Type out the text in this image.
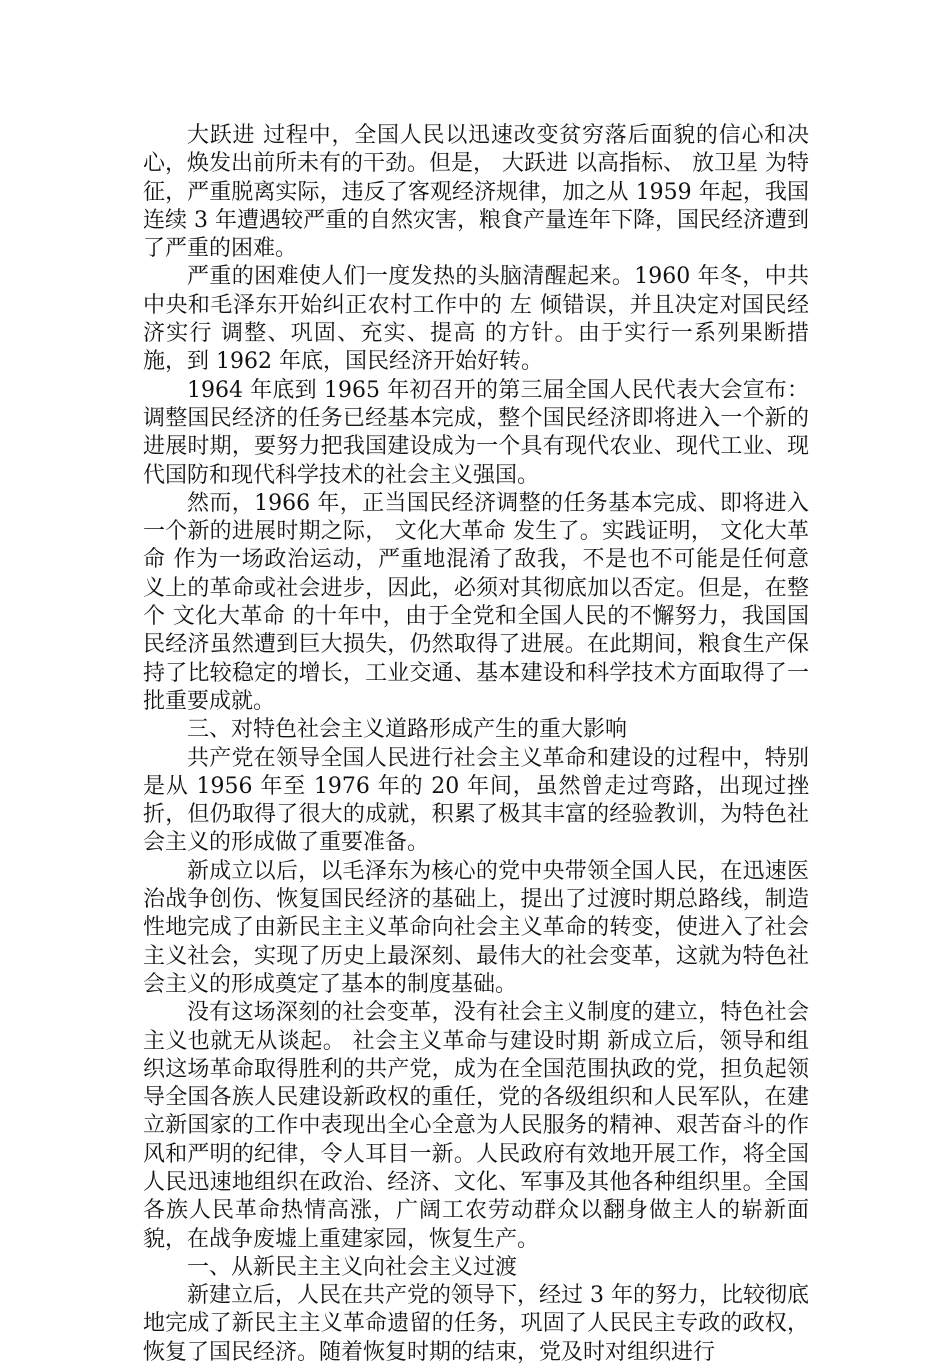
大跃进 过程中，全国人民以迅速改变贫穷落后面貌的信心和决心，焕发出前所未有的干劲。但是， 大跃进 以高指标、 放卫星 为特征，严重脱离实际，违反了客观经济规律，加之从 1959 年起，我国连续 3 年遭遇较严重的自然灾害，粮食产量连年下降，国民经济遭到了严重的困难。

严重的困难使人们一度发热的头脑清醒起来。1960 年冬，中共中央和毛泽东开始纠正农村工作中的 左 倾错误，并且决定对国民经济实行 调整、巩固、充实、提高 的方针。由于实行一系列果断措施，到 1962 年底，国民经济开始好转。

1964 年底到 1965 年初召开的第三届全国人民代表大会宣布：调整国民经济的任务已经基本完成，整个国民经济即将进入一个新的进展时期，要努力把我国建设成为一个具有现代农业、现代工业、现代国防和现代科学技术的社会主义强国。

然而，1966 年，正当国民经济调整的任务基本完成、即将进入一个新的进展时期之际， 文化大革命 发生了。实践证明， 文化大革命 作为一场政治运动，严重地混淆了敌我，不是也不可能是任何意义上的革命或社会进步，因此，必须对其彻底加以否定。但是，在整个 文化大革命 的十年中，由于全党和全国人民的不懈努力，我国国民经济虽然遭到巨大损失，仍然取得了进展。在此期间，粮食生产保持了比较稳定的增长，工业交通、基本建设和科学技术方面取得了一批重要成就。

三、对特色社会主义道路形成产生的重大影响

共产党在领导全国人民进行社会主义革命和建设的过程中，特别是从 1956 年至 1976 年的 20 年间，虽然曾走过弯路，出现过挫折，但仍取得了很大的成就，积累了极其丰富的经验教训，为特色社会主义的形成做了重要准备。

新成立以后，以毛泽东为核心的党中央带领全国人民，在迅速医治战争创伤、恢复国民经济的基础上，提出了过渡时期总路线，制造性地完成了由新民主主义革命向社会主义革命的转变，使进入了社会主义社会，实现了历史上最深刻、最伟大的社会变革，这就为特色社会主义的形成奠定了基本的制度基础。

没有这场深刻的社会变革，没有社会主义制度的建立，特色社会主义也就无从谈起。 社会主义革命与建设时期 新成立后，领导和组织这场革命取得胜利的共产党，成为在全国范围执政的党，担负起领导全国各族人民建设新政权的重任，党的各级组织和人民军队，在建立新国家的工作中表现出全心全意为人民服务的精神、艰苦奋斗的作风和严明的纪律，令人耳目一新。人民政府有效地开展工作，将全国人民迅速地组织在政治、经济、文化、军事及其他各种组织里。全国各族人民革命热情高涨，广阔工农劳动群众以翻身做主人的崭新面貌，在战争废墟上重建家园，恢复生产。

一、从新民主主义向社会主义过渡

新建立后，人民在共产党的领导下，经过 3 年的努力，比较彻底地完成了新民主主义革命遗留的任务，巩固了人民民主专政的政权，恢复了国民经济。随着恢复时期的结束，党及时对组织进行
